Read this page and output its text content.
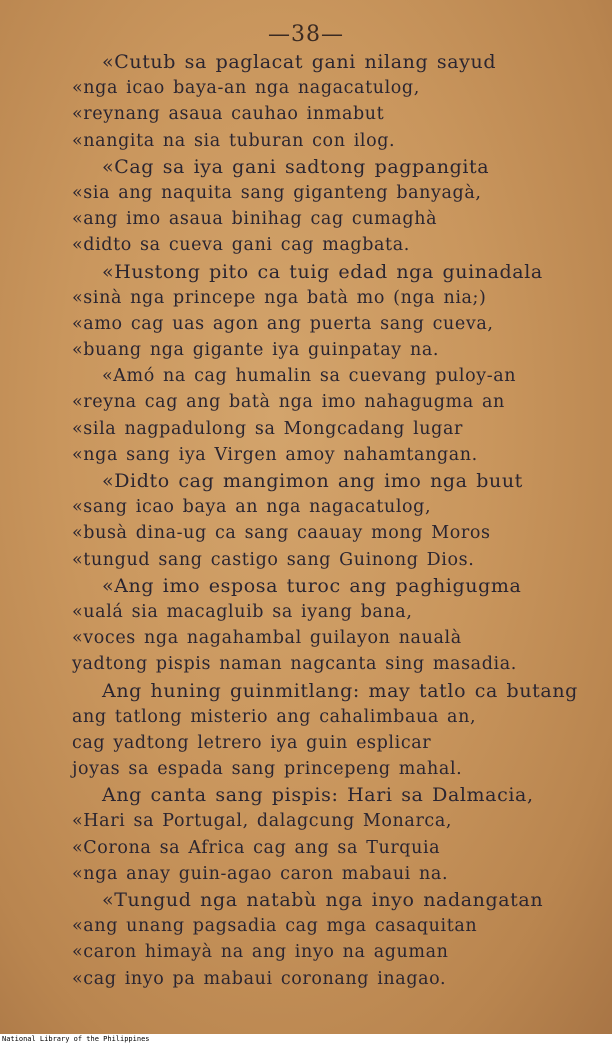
—38—
«Cutub sa paglacat gani nilang sayud
«nga icao baya-an nga nagacatulog,
«reynang asaua cauhao inmabut
«nangita na sia tuburan con ilog.
«Cag sa iya gani sadtong pagpangita
«sia ang naquita sang giganteng banyagà,
«ang imo asaua binihag cag cumaghà
«didto sa cueva gani cag magbata.
«Hustong pito ca tuig edad nga guinadala
«sinà nga princepe nga batà mo (nga nia;)
«amo cag uas agon ang puerta sang cueva,
«buang nga gigante iya guinpatay na.
«Amó na cag humalin sa cuevang puloy-an
«reyna cag ang batà nga imo nahagugma an
«sila nagpadulong sa Mongcadang lugar
«nga sang iya Virgen amoy nahamtangan.
«Didto cag mangimon ang imo nga buut
«sang icao baya an nga nagacatulog,
«busà dina-ug ca sang caauay mong Moros
«tungud sang castigo sang Guinong Dios.
«Ang imo esposa turoc ang paghigugma
«ualá sia macagluib sa iyang bana,
«voces nga nagahambal guilayon naualà
yadtong pispis naman nagcanta sing masadia.
Ang huning guinmitlang: may tatlo ca butang
ang tatlong misterio ang cahalimbaua an,
cag yadtong letrero iya guin esplicar
joyas sa espada sang princepeng mahal.
Ang canta sang pispis: Hari sa Dalmacia,
«Hari sa Portugal, dalagcung Monarca,
«Corona sa Africa cag ang sa Turquia
«nga anay guin-agao caron mabaui na.
«Tungud nga natabù nga inyo nadangatan
«ang unang pagsadia cag mga casaquitan
«caron himayà na ang inyo na aguman
«cag inyo pa mabaui coronang inagao.
National Library of the Philippines
